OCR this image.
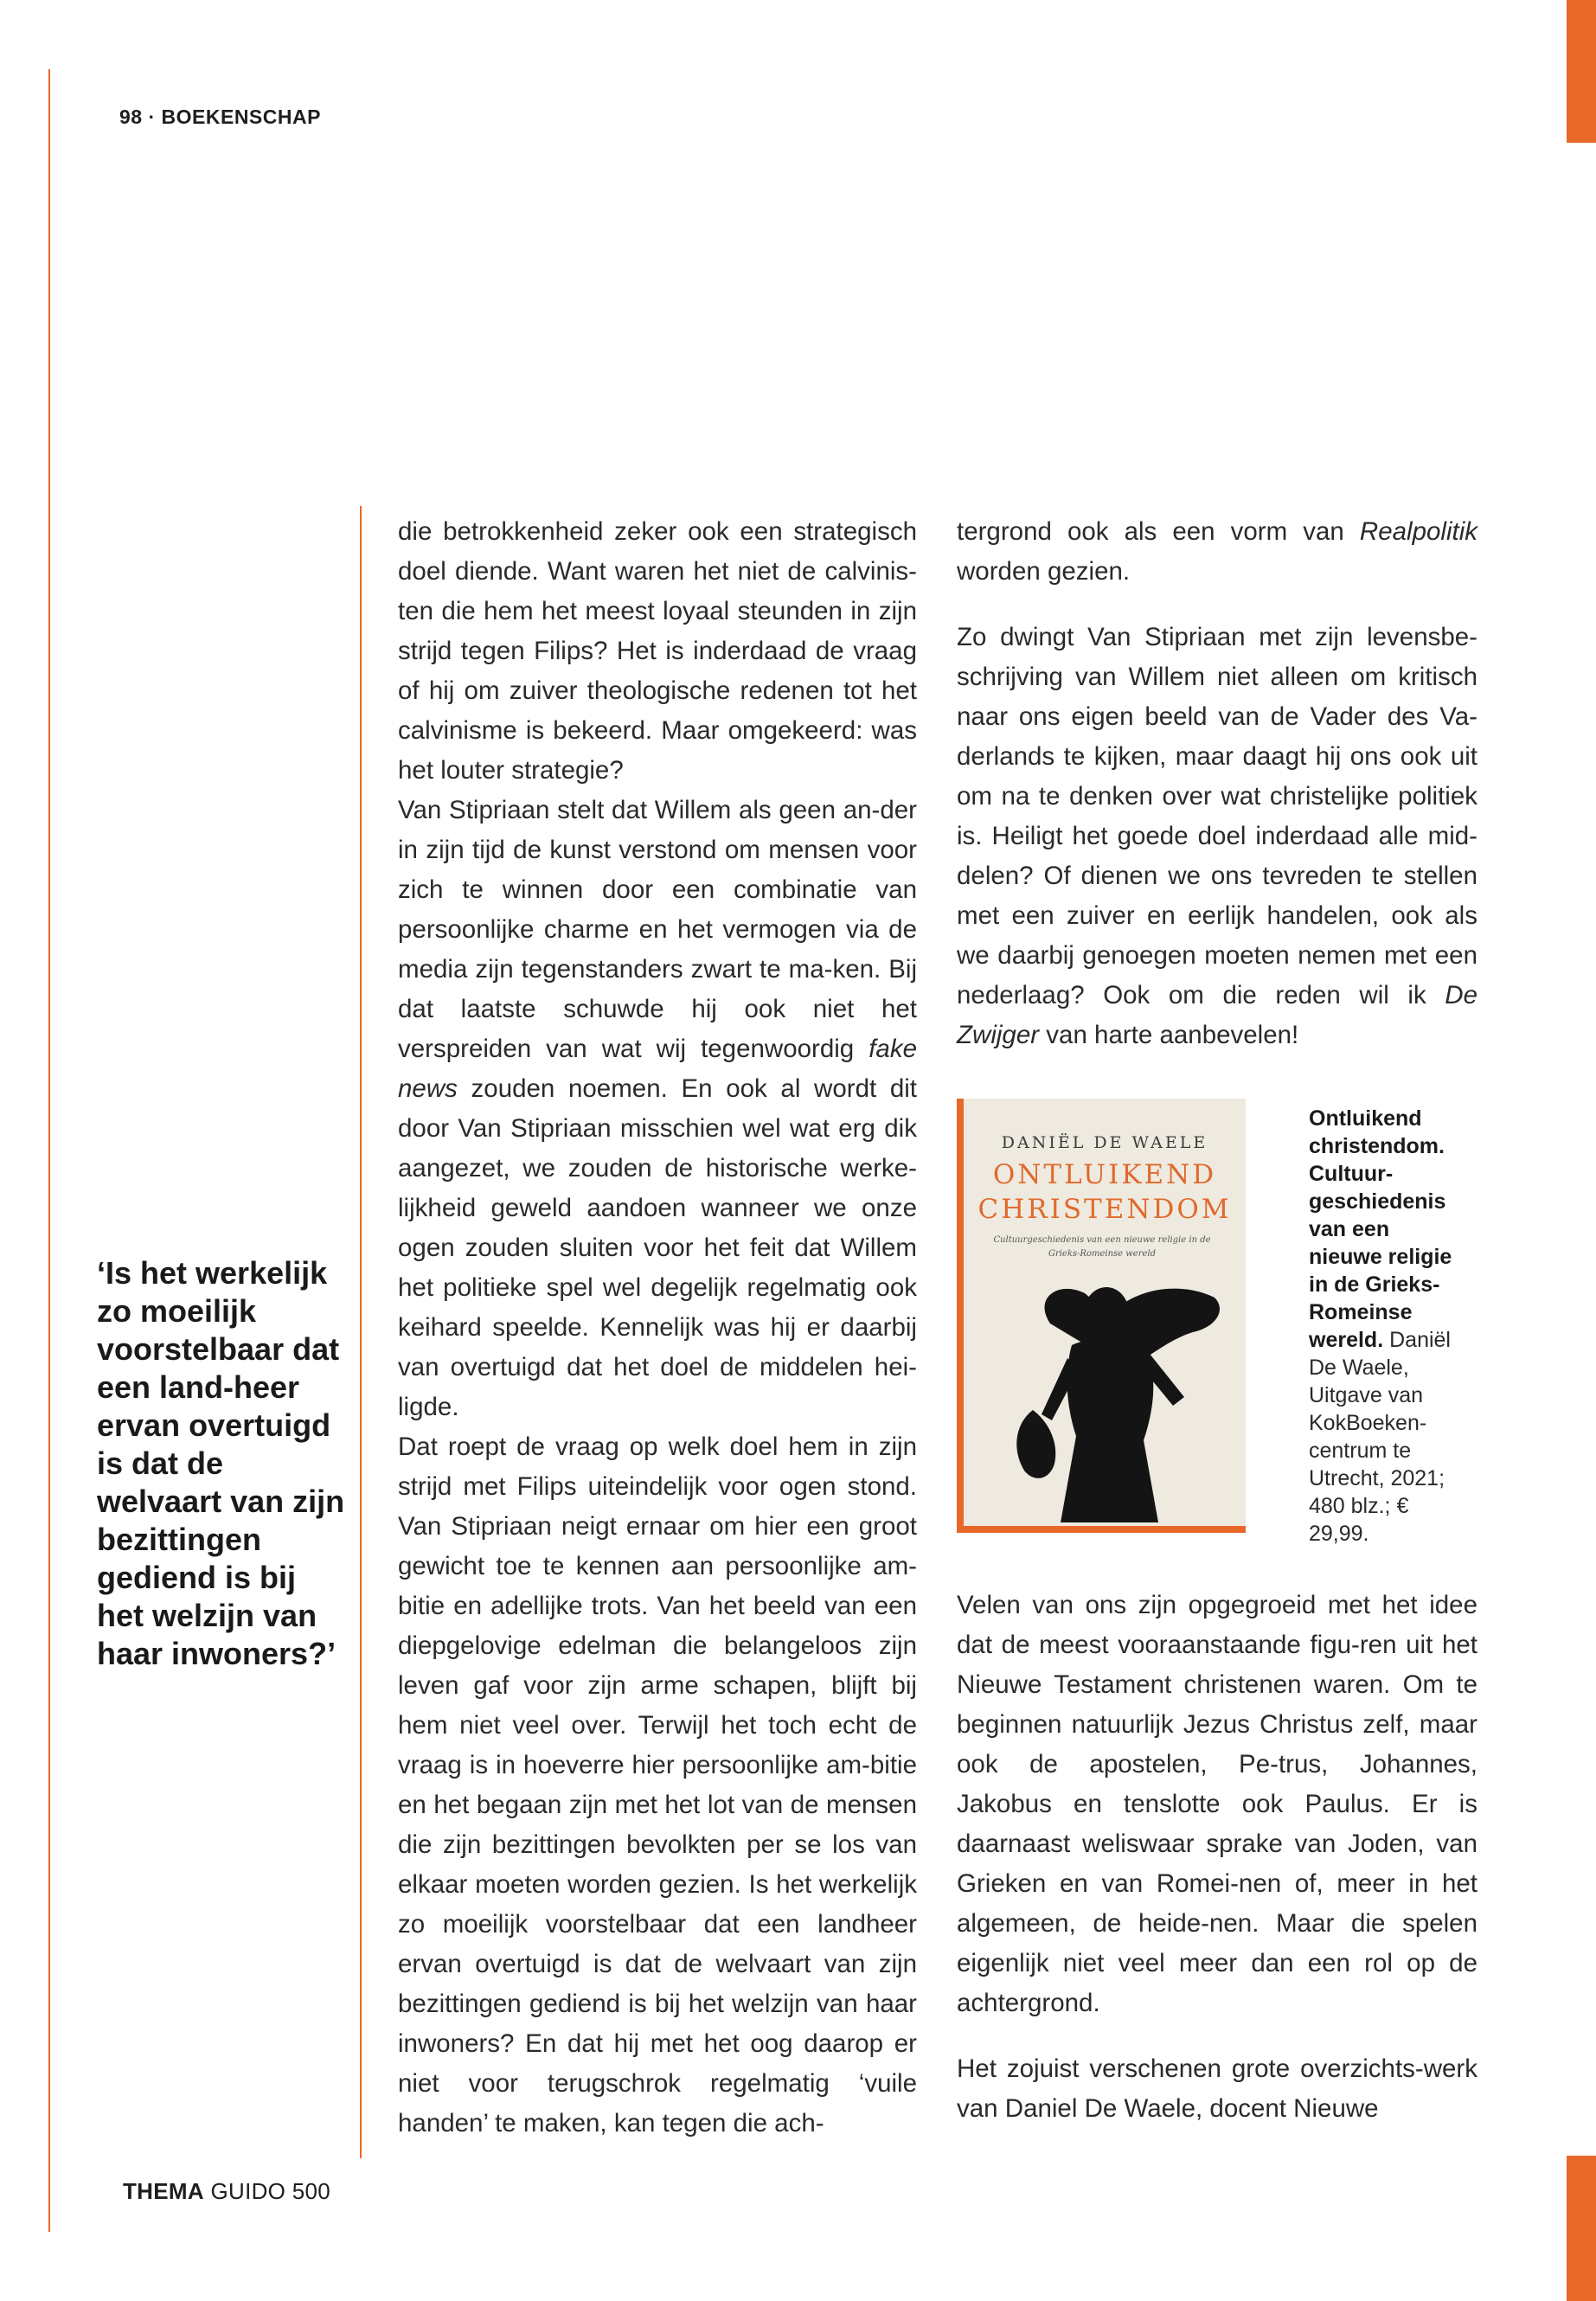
98 · BOEKENSCHAP
‘Is het werkelijk zo moeilijk voorstelbaar dat een land-heer ervan overtuigd is dat de welvaart van zijn bezittingen gediend is bij het welzijn van haar inwoners?’

die betrokkenheid zeker ook een strategisch doel diende. Want waren het niet de calvinis-ten die hem het meest loyaal steunden in zijn strijd tegen Filips? Het is inderdaad de vraag of hij om zuiver theologische redenen tot het calvinisme is bekeerd. Maar omgekeerd: was het louter strategie?

Van Stipriaan stelt dat Willem als geen an-der in zijn tijd de kunst verstond om mensen voor zich te winnen door een combinatie van persoonlijke charme en het vermogen via de media zijn tegenstanders zwart te ma-ken. Bij dat laatste schuwde hij ook niet het verspreiden van wat wij tegenwoordig fake news zouden noemen. En ook al wordt dit door Van Stipriaan misschien wel wat erg dik aangezet, we zouden de historische werke-lijkheid geweld aandoen wanneer we onze ogen zouden sluiten voor het feit dat Willem het politieke spel wel degelijk regelmatig ook keihard speelde. Kennelijk was hij er daarbij van overtuigd dat het doel de middelen hei-ligde.

Dat roept de vraag op welk doel hem in zijn strijd met Filips uiteindelijk voor ogen stond. Van Stipriaan neigt ernaar om hier een groot gewicht toe te kennen aan persoonlijke am-bitie en adellijke trots. Van het beeld van een diepgelovige edelman die belangeloos zijn leven gaf voor zijn arme schapen, blijft bij hem niet veel over. Terwijl het toch echt de vraag is in hoeverre hier persoonlijke am-bitie en het begaan zijn met het lot van de mensen die zijn bezittingen bevolkten per se los van elkaar moeten worden gezien. Is het werkelijk zo moeilijk voorstelbaar dat een landheer ervan overtuigd is dat de welvaart van zijn bezittingen gediend is bij het welzijn van haar inwoners? En dat hij met het oog daarop er niet voor terugschrok regelmatig ‘vuile handen’ te maken, kan tegen die ach-

tergrond ook als een vorm van Realpolitik worden gezien.

Zo dwingt Van Stipriaan met zijn levensbe-schrijving van Willem niet alleen om kritisch naar ons eigen beeld van de Vader des Va-derlands te kijken, maar daagt hij ons ook uit om na te denken over wat christelijke politiek is. Heiligt het goede doel inderdaad alle mid-delen? Of dienen we ons tevreden te stellen met een zuiver en eerlijk handelen, ook als we daarbij genoegen moeten nemen met een nederlaag? Ook om die reden wil ik De Zwijger van harte aanbevelen!

DANIËL DE WAELE
ONTLUIKEND
CHRISTENDOM
Cultuurgeschiedenis van een nieuwe religie in de Grieks-Romeinse wereld
Ontluikend christendom. Cultuur-geschiedenis van een nieuwe religie in de Grieks-Romeinse wereld. Daniël De Waele, Uitgave van KokBoeken-centrum te Utrecht, 2021; 480 blz.; € 29,99.

Velen van ons zijn opgegroeid met het idee dat de meest vooraanstaande figu-ren uit het Nieuwe Testament christenen waren. Om te beginnen natuurlijk Jezus Christus zelf, maar ook de apostelen, Pe-trus, Johannes, Jakobus en tenslotte ook Paulus. Er is daarnaast weliswaar sprake van Joden, van Grieken en van Romei-nen of, meer in het algemeen, de heide-nen. Maar die spelen eigenlijk niet veel meer dan een rol op de achtergrond.

Het zojuist verschenen grote overzichts-werk van Daniel De Waele, docent Nieuwe

THEMA GUIDO 500
